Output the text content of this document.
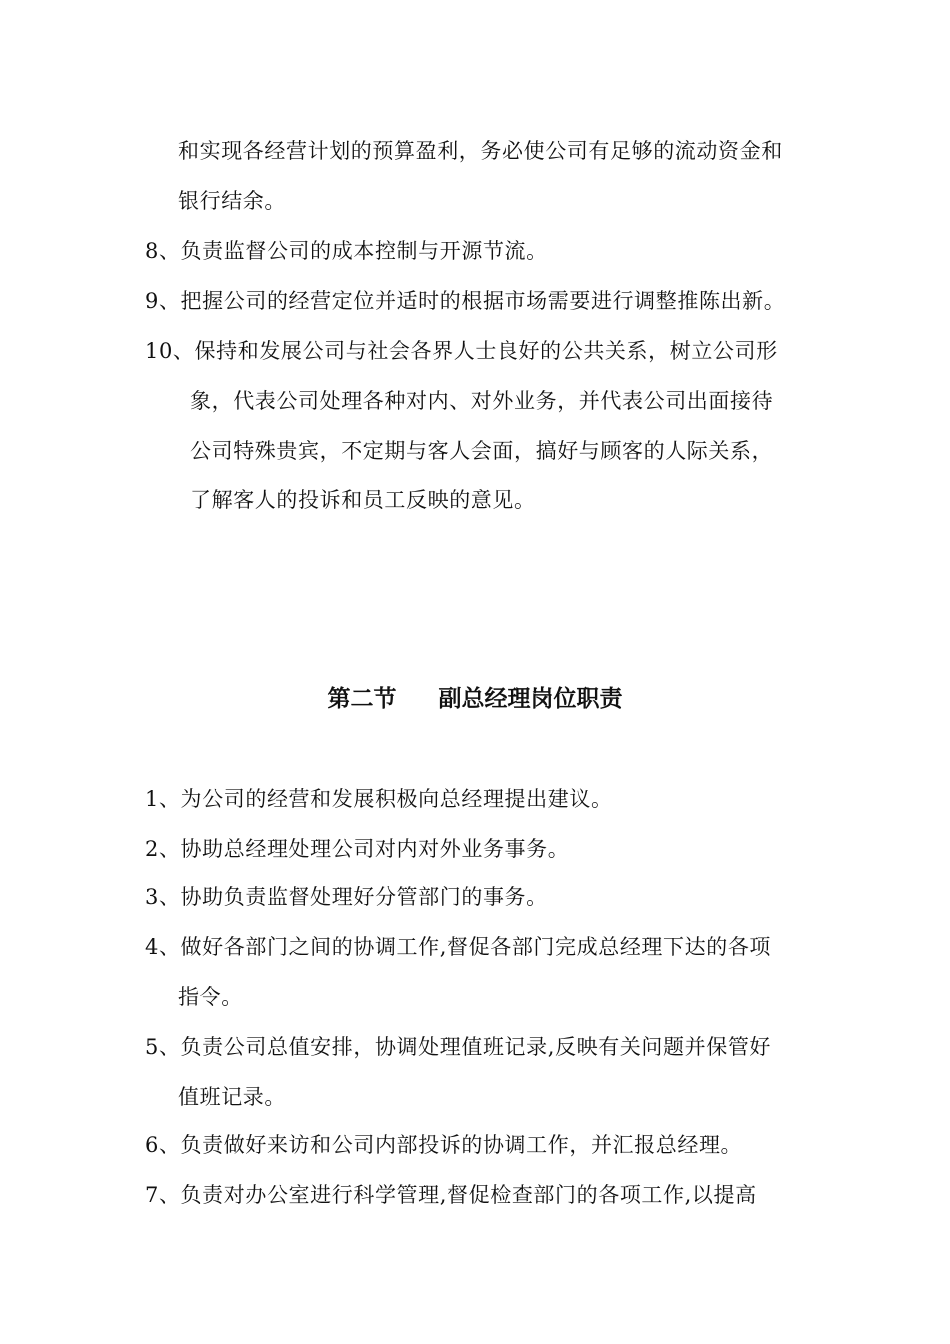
和实现各经营计划的预算盈利，务必使公司有足够的流动资金和
银行结余。
8、负责监督公司的成本控制与开源节流。
9、把握公司的经营定位并适时的根据市场需要进行调整推陈出新。
10、保持和发展公司与社会各界人士良好的公共关系，树立公司形
象，代表公司处理各种对内、对外业务，并代表公司出面接待
公司特殊贵宾，不定期与客人会面，搞好与顾客的人际关系，
了解客人的投诉和员工反映的意见。
第二节 副总经理岗位职责
1、为公司的经营和发展积极向总经理提出建议。
2、协助总经理处理公司对内对外业务事务。
3、协助负责监督处理好分管部门的事务。
4、做好各部门之间的协调工作,督促各部门完成总经理下达的各项
指令。
5、负责公司总值安排，协调处理值班记录,反映有关问题并保管好
值班记录。
6、负责做好来访和公司内部投诉的协调工作，并汇报总经理。
7、负责对办公室进行科学管理,督促检查部门的各项工作,以提高
